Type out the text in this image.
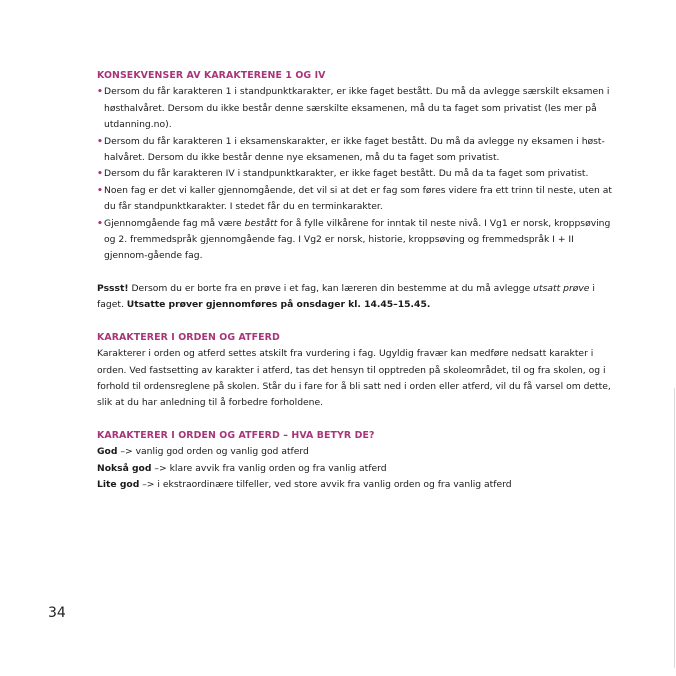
KONSEKVENSER AV KARAKTERENE 1 OG IV
• Dersom du får karakteren 1 i standpunktkarakter, er ikke faget bestått. Du må da avlegge særskilt eksamen i høsthalvåret. Dersom du ikke består denne særskilte eksamenen, må du ta faget som privatist (les mer på utdanning.no).
• Dersom du får karakteren 1 i eksamenskarakter, er ikke faget bestått. Du må da avlegge ny eksamen i høst-halvåret. Dersom du ikke består denne nye eksamenen, må du ta faget som privatist.
• Dersom du får karakteren IV i standpunktkarakter, er ikke faget bestått. Du må da ta faget som privatist.
• Noen fag er det vi kaller gjennomgående, det vil si at det er fag som føres videre fra ett trinn til neste, uten at du får standpunktkarakter. I stedet får du en terminkarakter.
• Gjennomgående fag må være bestått for å fylle vilkårene for inntak til neste nivå. I Vg1 er norsk, kroppsøving og 2. fremmedspråk gjennomgående fag. I Vg2 er norsk, historie, kroppsøving og fremmedspråk I + II gjennom-gående fag.

Pssst! Dersom du er borte fra en prøve i et fag, kan læreren din bestemme at du må avlegge utsatt prøve i faget. Utsatte prøver gjennomføres på onsdager kl. 14.45–15.45.

KARAKTERER I ORDEN OG ATFERD

Karakterer i orden og atferd settes atskilt fra vurdering i fag. Ugyldig fravær kan medføre nedsatt karakter i orden. Ved fastsetting av karakter i atferd, tas det hensyn til opptreden på skoleområdet, til og fra skolen, og i forhold til ordensreglene på skolen. Står du i fare for å bli satt ned i orden eller atferd, vil du få varsel om dette, slik at du har anledning til å forbedre forholdene.

KARAKTERER I ORDEN OG ATFERD – HVA BETYR DE?
God –> vanlig god orden og vanlig god atferd
Nokså god –> klare avvik fra vanlig orden og fra vanlig atferd
Lite god –> i ekstraordinære tilfeller, ved store avvik fra vanlig orden og fra vanlig atferd
34
